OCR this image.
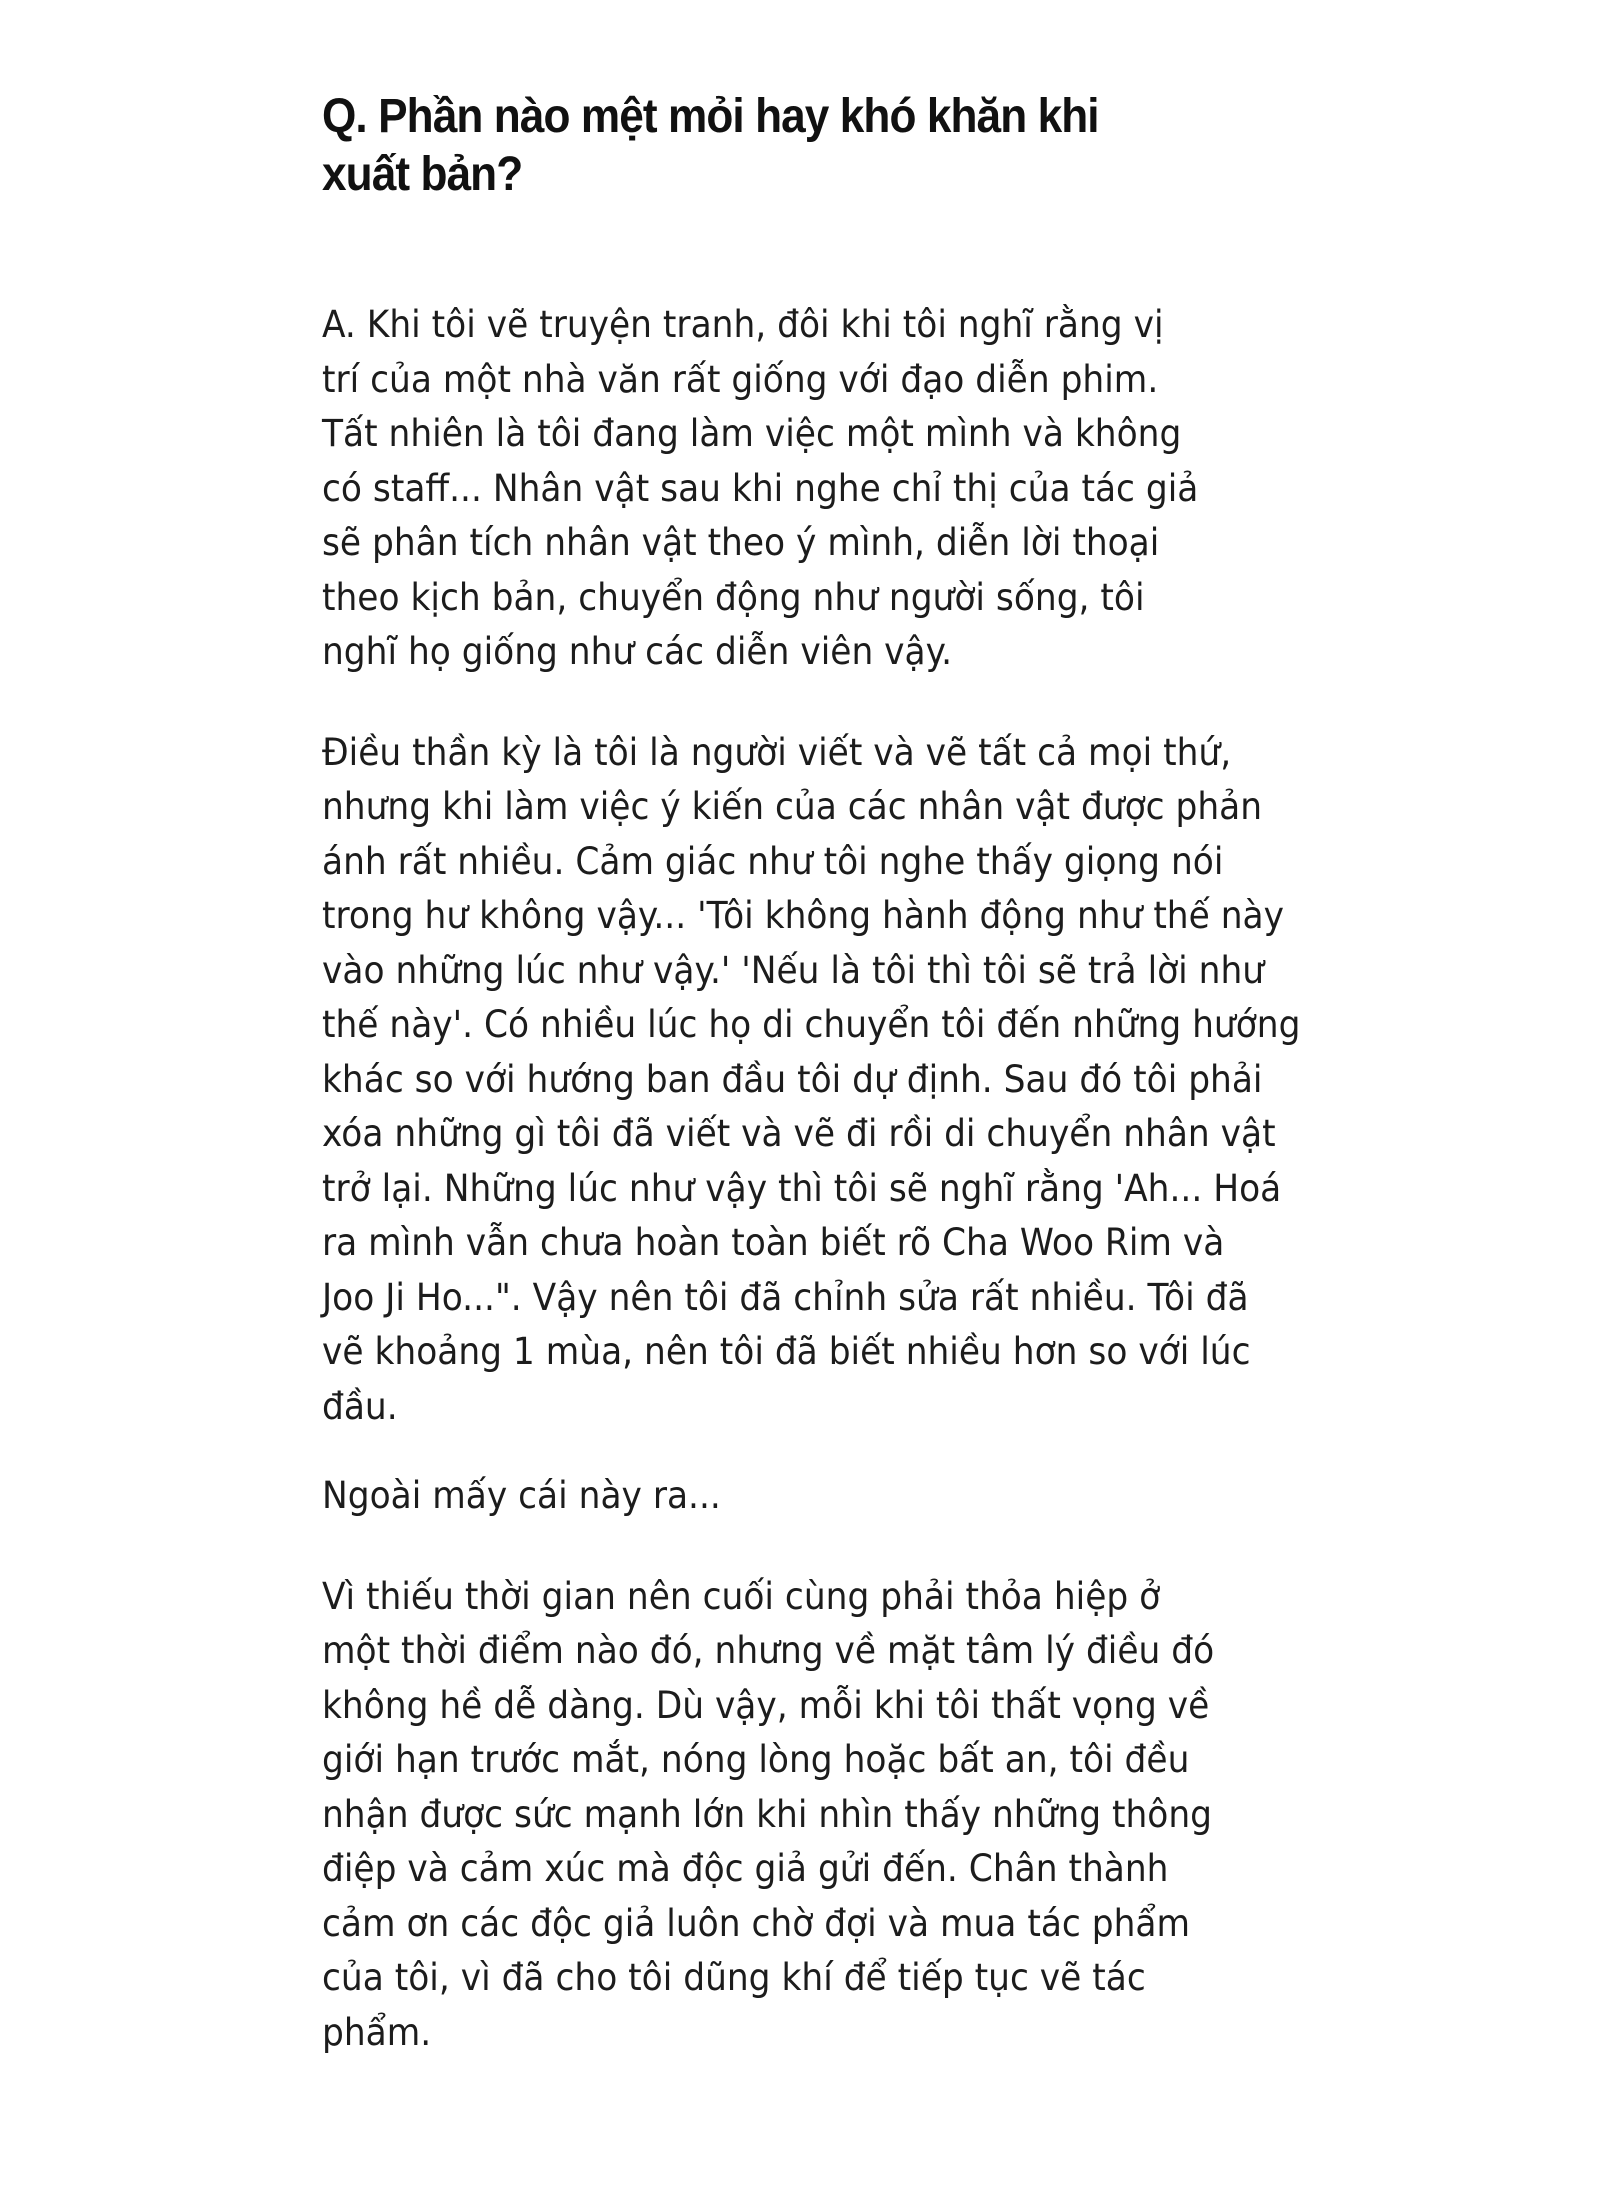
Q. Phần nào mệt mỏi hay khó khăn khi
xuất bản?
A. Khi tôi vẽ truyện tranh, đôi khi tôi nghĩ rằng vị
trí của một nhà văn rất giống với đạo diễn phim.
Tất nhiên là tôi đang làm việc một mình và không
có staff... Nhân vật sau khi nghe chỉ thị của tác giả
sẽ phân tích nhân vật theo ý mình, diễn lời thoại
theo kịch bản, chuyển động như người sống, tôi
nghĩ họ giống như các diễn viên vậy.
Điều thần kỳ là tôi là người viết và vẽ tất cả mọi thứ,
nhưng khi làm việc ý kiến của các nhân vật được phản
ánh rất nhiều. Cảm giác như tôi nghe thấy giọng nói
trong hư không vậy... 'Tôi không hành động như thế này
vào những lúc như vậy.' 'Nếu là tôi thì tôi sẽ trả lời như
thế này'. Có nhiều lúc họ di chuyển tôi đến những hướng
khác so với hướng ban đầu tôi dự định. Sau đó tôi phải
xóa những gì tôi đã viết và vẽ đi rồi di chuyển nhân vật
trở lại. Những lúc như vậy thì tôi sẽ nghĩ rằng 'Ah... Hoá
ra mình vẫn chưa hoàn toàn biết rõ Cha Woo Rim và
Joo Ji Ho...". Vậy nên tôi đã chỉnh sửa rất nhiều. Tôi đã
vẽ khoảng 1 mùa, nên tôi đã biết nhiều hơn so với lúc
đầu.
Ngoài mấy cái này ra...
Vì thiếu thời gian nên cuối cùng phải thỏa hiệp ở
một thời điểm nào đó, nhưng về mặt tâm lý điều đó
không hề dễ dàng. Dù vậy, mỗi khi tôi thất vọng về
giới hạn trước mắt, nóng lòng hoặc bất an, tôi đều
nhận được sức mạnh lớn khi nhìn thấy những thông
điệp và cảm xúc mà độc giả gửi đến. Chân thành
cảm ơn các độc giả luôn chờ đợi và mua tác phẩm
của tôi, vì đã cho tôi dũng khí để tiếp tục vẽ tác
phẩm.
